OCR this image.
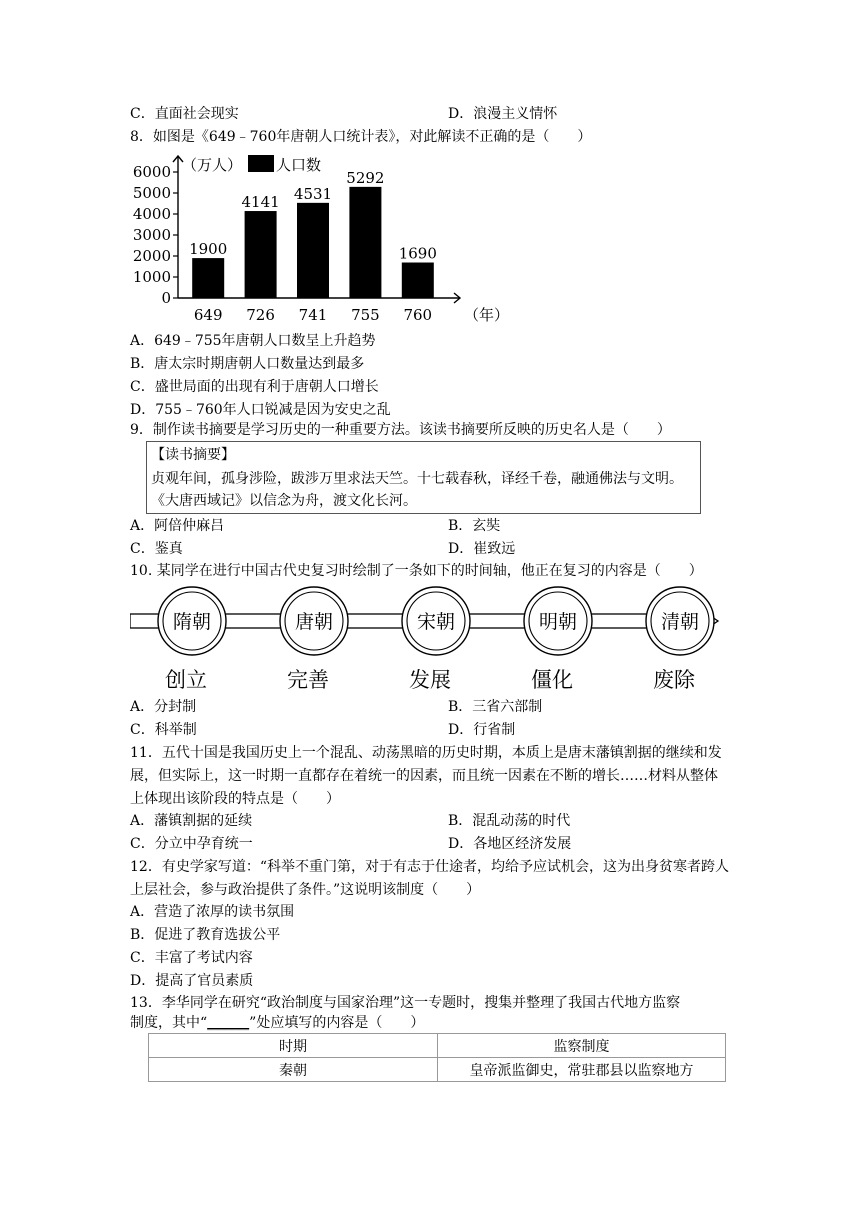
C．直面社会现实	D．浪漫主义情怀
8．如图是《649﹣760年唐朝人口统计表》，对此解读不正确的是（　　）
0
1000
2000
3000
4000
5000
6000 （万人） 人口数
1900
649
4141
726
4531
741
5292
755
1690
760 （年）
A．649﹣755年唐朝人口数呈上升趋势
B．唐太宗时期唐朝人口数量达到最多
C．盛世局面的出现有利于唐朝人口增长
D．755﹣760年人口锐减是因为安史之乱
9．制作读书摘要是学习历史的一种重要方法。该读书摘要所反映的历史名人是（　　）
【读书摘要】
贞观年间，孤身涉险，跋涉万里求法天竺。十七载春秋，译经千卷，融通佛法与文明。《大唐西域记》以信念为舟，渡文化长河。
A．阿倍仲麻吕	B．玄奘
C．鉴真	D．崔致远
10. 某同学在进行中国古代史复习时绘制了一条如下的时间轴，他正在复习的内容是（　　）
隋朝
创立
唐朝
完善
宋朝
发展
明朝
僵化
清朝
废除
A．分封制	B．三省六部制
C．科举制	D．行省制
11．五代十国是我国历史上一个混乱、动荡黑暗的历史时期，本质上是唐末藩镇割据的继续和发展，但实际上，这一时期一直都存在着统一的因素，而且统一因素在不断的增长……材料从整体上体现出该阶段的特点是（　　）
A．藩镇割据的延续	B．混乱动荡的时代
C．分立中孕育统一	D．各地区经济发展
12．有史学家写道：“科举不重门第，对于有志于仕途者，均给予应试机会，这为出身贫寒者跨人上层社会，参与政治提供了条件。”这说明该制度（　　）
A．营造了浓厚的读书氛围
B．促进了教育选拔公平
C．丰富了考试内容
D．提高了官员素质
13．李华同学在研究“政治制度与国家治理”这一专题时，搜集并整理了我国古代地方监察
制度，其中“______”处应填写的内容是（　　）
时期	监察制度
秦朝	皇帝派监御史，常驻郡县以监察地方
